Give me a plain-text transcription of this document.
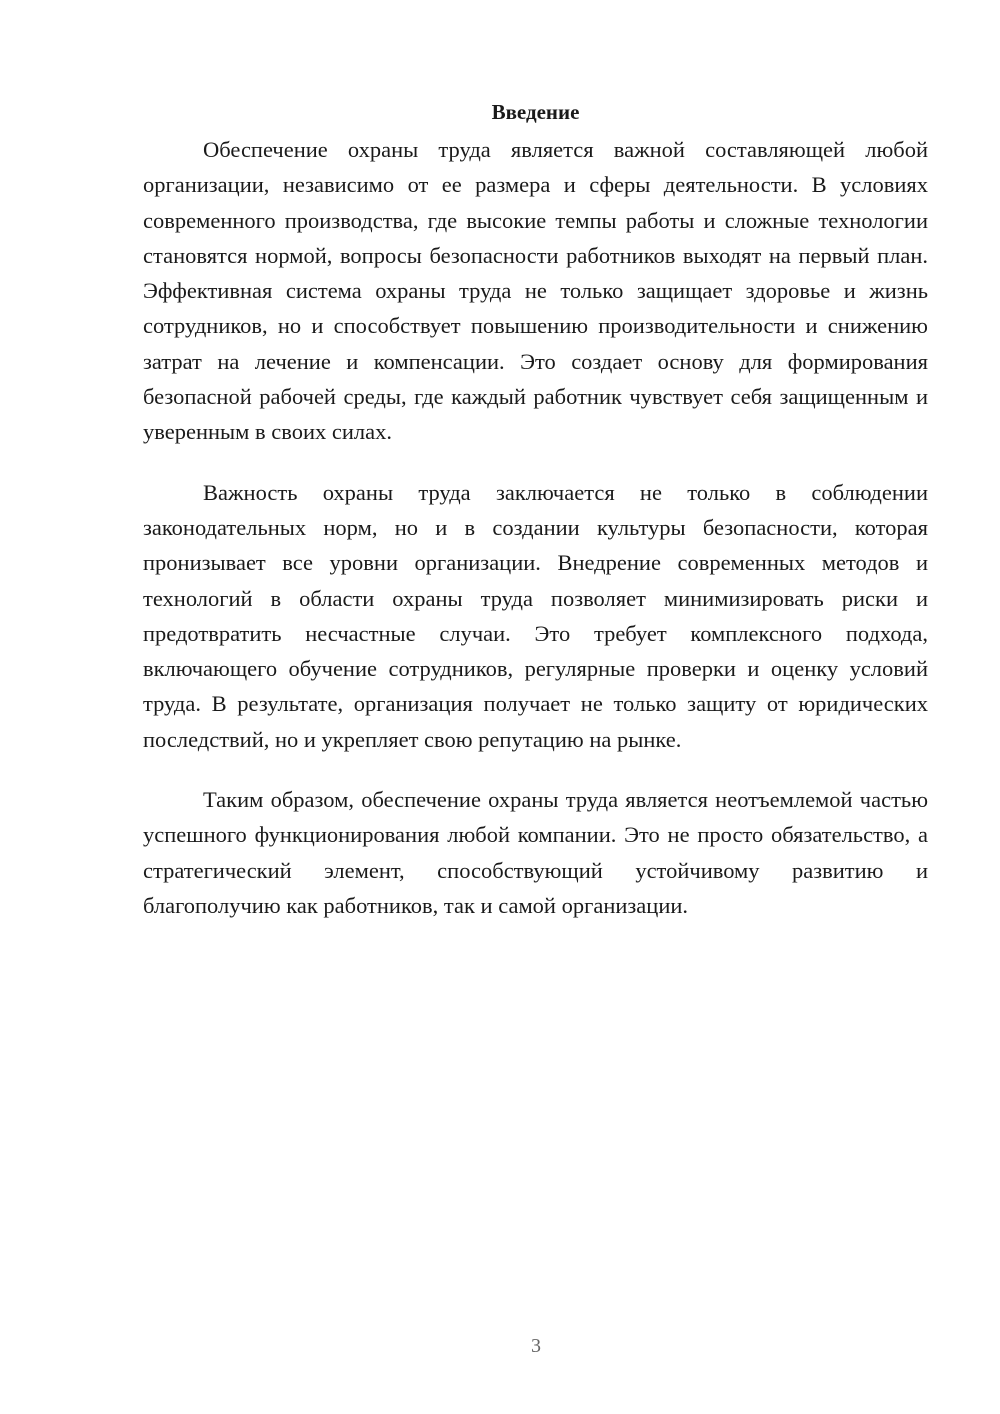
Введение

Обеспечение охраны труда является важной составляющей любой организации, независимо от ее размера и сферы деятельности. В условиях современного производства, где высокие темпы работы и сложные технологии становятся нормой, вопросы безопасности работников выходят на первый план. Эффективная система охраны труда не только защищает здоровье и жизнь сотрудников, но и способствует повышению производительности и снижению затрат на лечение и компенсации. Это создает основу для формирования безопасной рабочей среды, где каждый работник чувствует себя защищенным и уверенным в своих силах.

Важность охраны труда заключается не только в соблюдении законодательных норм, но и в создании культуры безопасности, которая пронизывает все уровни организации. Внедрение современных методов и технологий в области охраны труда позволяет минимизировать риски и предотвратить несчастные случаи. Это требует комплексного подхода, включающего обучение сотрудников, регулярные проверки и оценку условий труда. В результате, организация получает не только защиту от юридических последствий, но и укрепляет свою репутацию на рынке.

Таким образом, обеспечение охраны труда является неотъемлемой частью успешного функционирования любой компании. Это не просто обязательство, а стратегический элемент, способствующий устойчивому развитию и благополучию как работников, так и самой организации.

3
